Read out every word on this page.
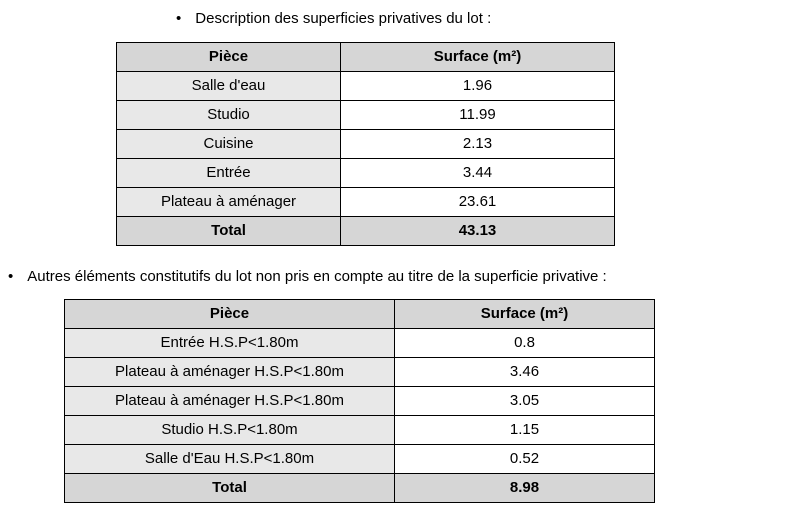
• Description des superficies privatives du lot :
Pièce	Surface (m²)
Salle d'eau	1.96
Studio	11.99
Cuisine	2.13
Entrée	3.44
Plateau à aménager	23.61
Total	43.13
• Autres éléments constitutifs du lot non pris en compte au titre de la superficie privative :
Pièce	Surface (m²)
Entrée H.S.P<1.80m	0.8
Plateau à aménager H.S.P<1.80m	3.46
Plateau à aménager H.S.P<1.80m	3.05
Studio H.S.P<1.80m	1.15
Salle d'Eau H.S.P<1.80m	0.52
Total	8.98
